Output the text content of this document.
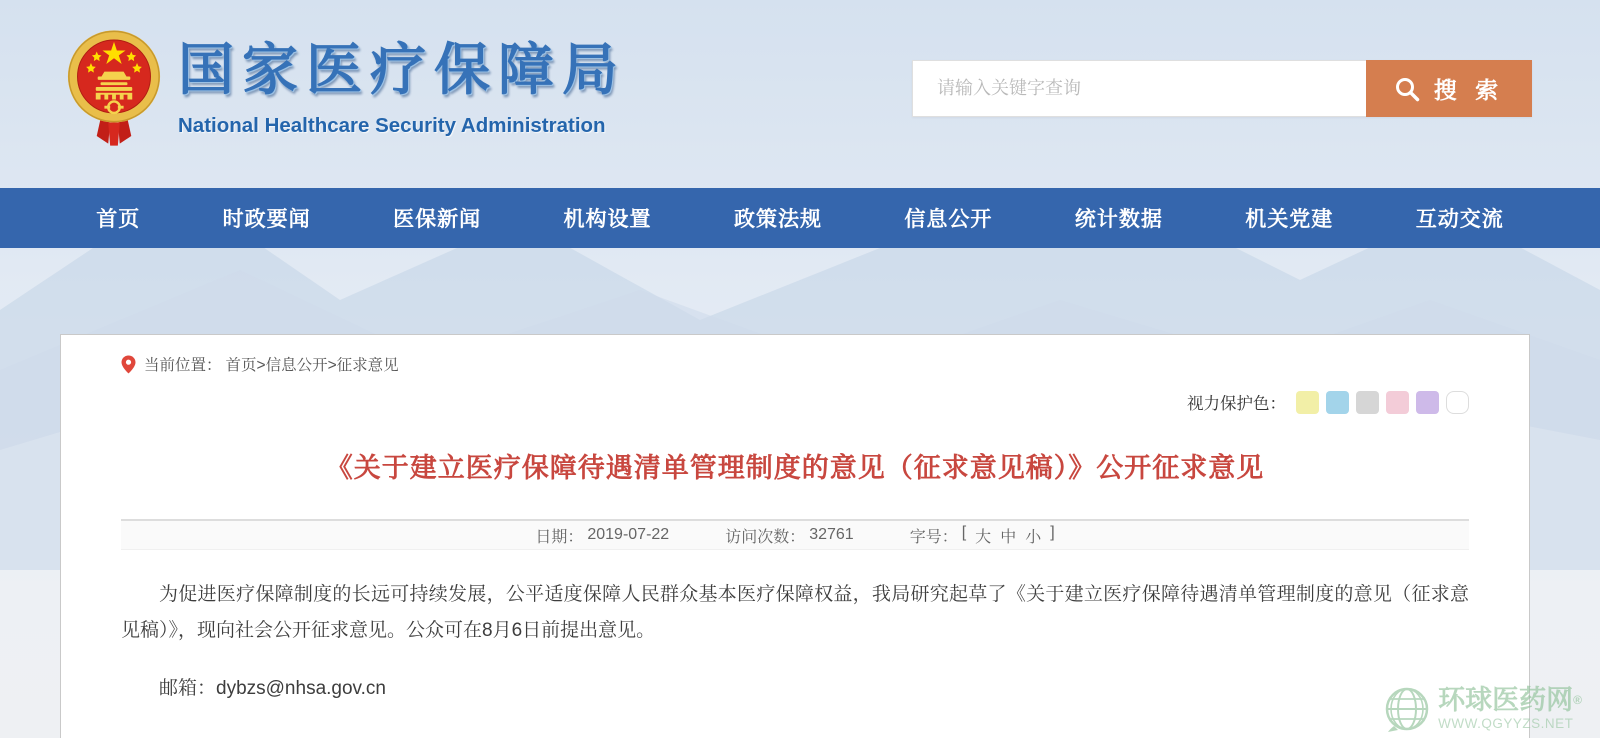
国家医疗保障局
National Healthcare Security Administration
请输入关键字查询
搜 索
首页	时政要闻	医保新闻	机构设置	政策法规	信息公开	统计数据	机关党建	互动交流
当前位置： 首页>信息公开>征求意见
视力保护色：
《关于建立医疗保障待遇清单管理制度的意见（征求意见稿）》公开征求意见
日期： 2019-07-22	访问次数： 32761	字号： [ 大 中 小 ]

为促进医疗保障制度的长远可持续发展，公平适度保障人民群众基本医疗保障权益，我局研究起草了《关于建立医疗保障待遇清单管理制度的意见（征求意见稿）》，现向社会公开征求意见。公众可在8月6日前提出意见。

邮箱：dybzs@nhsa.gov.cn	环球医药网®
WWW.QGYYZS.NET
